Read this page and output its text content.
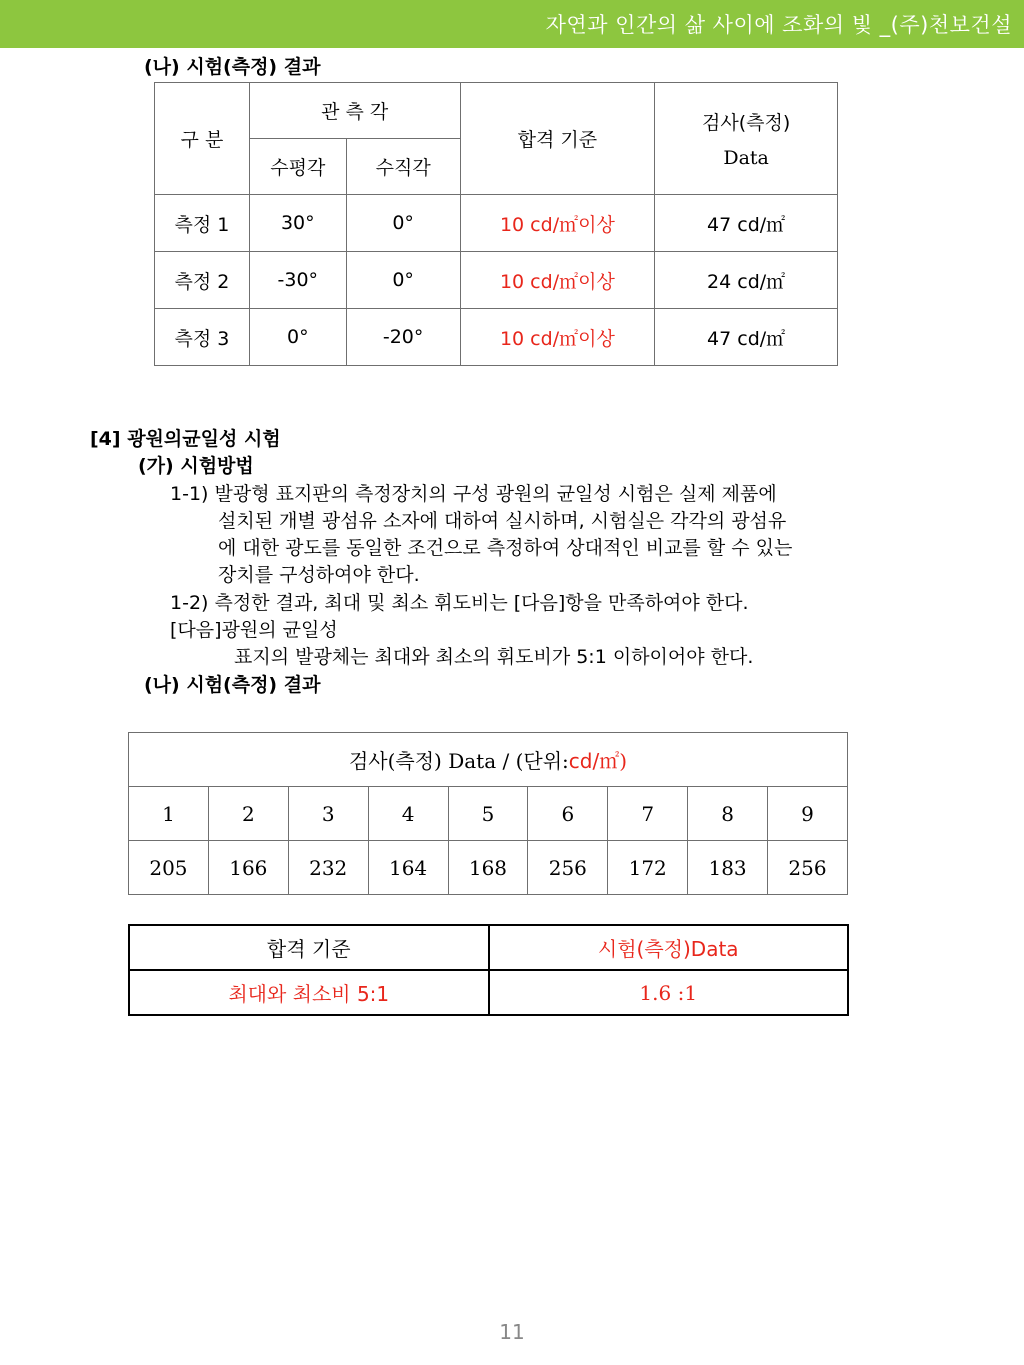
자연과 인간의 삶 사이에 조화의 빛 _(주)천보건설
(나) 시험(측정) 결과
구 분	관 측 각		합격 기준	검사(측정)
Data

	수평각	수직각		
측정 1	30°	0°	10 cd/㎡이상	47 cd/㎡
측정 2	-30°	0°	10 cd/㎡이상	24 cd/㎡
측정 3	0°	-20°	10 cd/㎡이상	47 cd/㎡
[4] 광원의균일성 시험
(가) 시험방법
1-1) 발광형 표지판의 측정장치의 구성 광원의 균일성 시험은 실제 제품에
설치된 개별 광섬유 소자에 대하여 실시하며, 시험실은 각각의 광섬유
에 대한 광도를 동일한 조건으로 측정하여 상대적인 비교를 할 수 있는
장치를 구성하여야 한다.
1-2) 측정한 결과, 최대 및 최소 휘도비는 [다음]항을 만족하여야 한다.
[다음]광원의 균일성
표지의 발광체는 최대와 최소의 휘도비가 5:1 이하이어야 한다.
(나) 시험(측정) 결과
검사(측정) Data / (단위:cd/㎡)								
1	2	3	4	5	6	7	8	9
205	166	232	164	168	256	172	183	256
합격 기준	시험(측정)Data
최대와 최소비 5:1	1.6 :1
11
